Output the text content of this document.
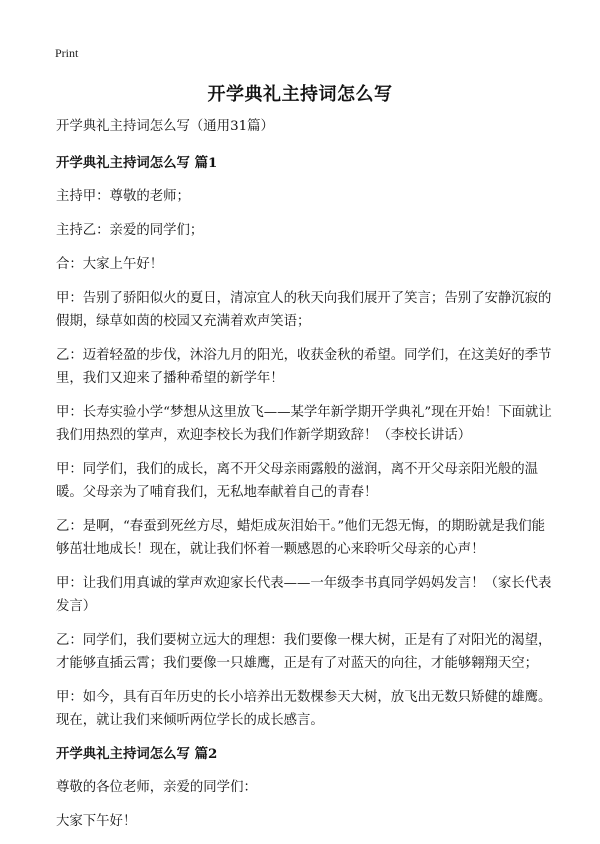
Print
开学典礼主持词怎么写

开学典礼主持词怎么写（通用31篇）

开学典礼主持词怎么写 篇1

主持甲：尊敬的老师；

主持乙：亲爱的同学们；

合：大家上午好！

甲：告别了骄阳似火的夏日，清凉宜人的秋天向我们展开了笑言；告别了安静沉寂的假期，绿草如茵的校园又充满着欢声笑语；

乙：迈着轻盈的步伐，沐浴九月的阳光，收获金秋的希望。同学们，在这美好的季节里，我们又迎来了播种希望的新学年！

甲：长寿实验小学“梦想从这里放飞——某学年新学期开学典礼”现在开始！下面就让我们用热烈的掌声，欢迎李校长为我们作新学期致辞！（李校长讲话）

甲：同学们，我们的成长，离不开父母亲雨露般的滋润，离不开父母亲阳光般的温暖。父母亲为了哺育我们，无私地奉献着自己的青春！

乙：是啊，“春蚕到死丝方尽，蜡炬成灰泪始干。”他们无怨无悔，的期盼就是我们能够茁壮地成长！现在，就让我们怀着一颗感恩的心来聆听父母亲的心声！

甲：让我们用真诚的掌声欢迎家长代表——一年级李书真同学妈妈发言！（家长代表发言）

乙：同学们，我们要树立远大的理想：我们要像一棵大树，正是有了对阳光的渴望，才能够直插云霄；我们要像一只雄鹰，正是有了对蓝天的向往，才能够翱翔天空；

甲：如今，具有百年历史的长小培养出无数棵参天大树，放飞出无数只矫健的雄鹰。现在，就让我们来倾听两位学长的成长感言。

开学典礼主持词怎么写 篇2

尊敬的各位老师，亲爱的同学们：

大家下午好！
